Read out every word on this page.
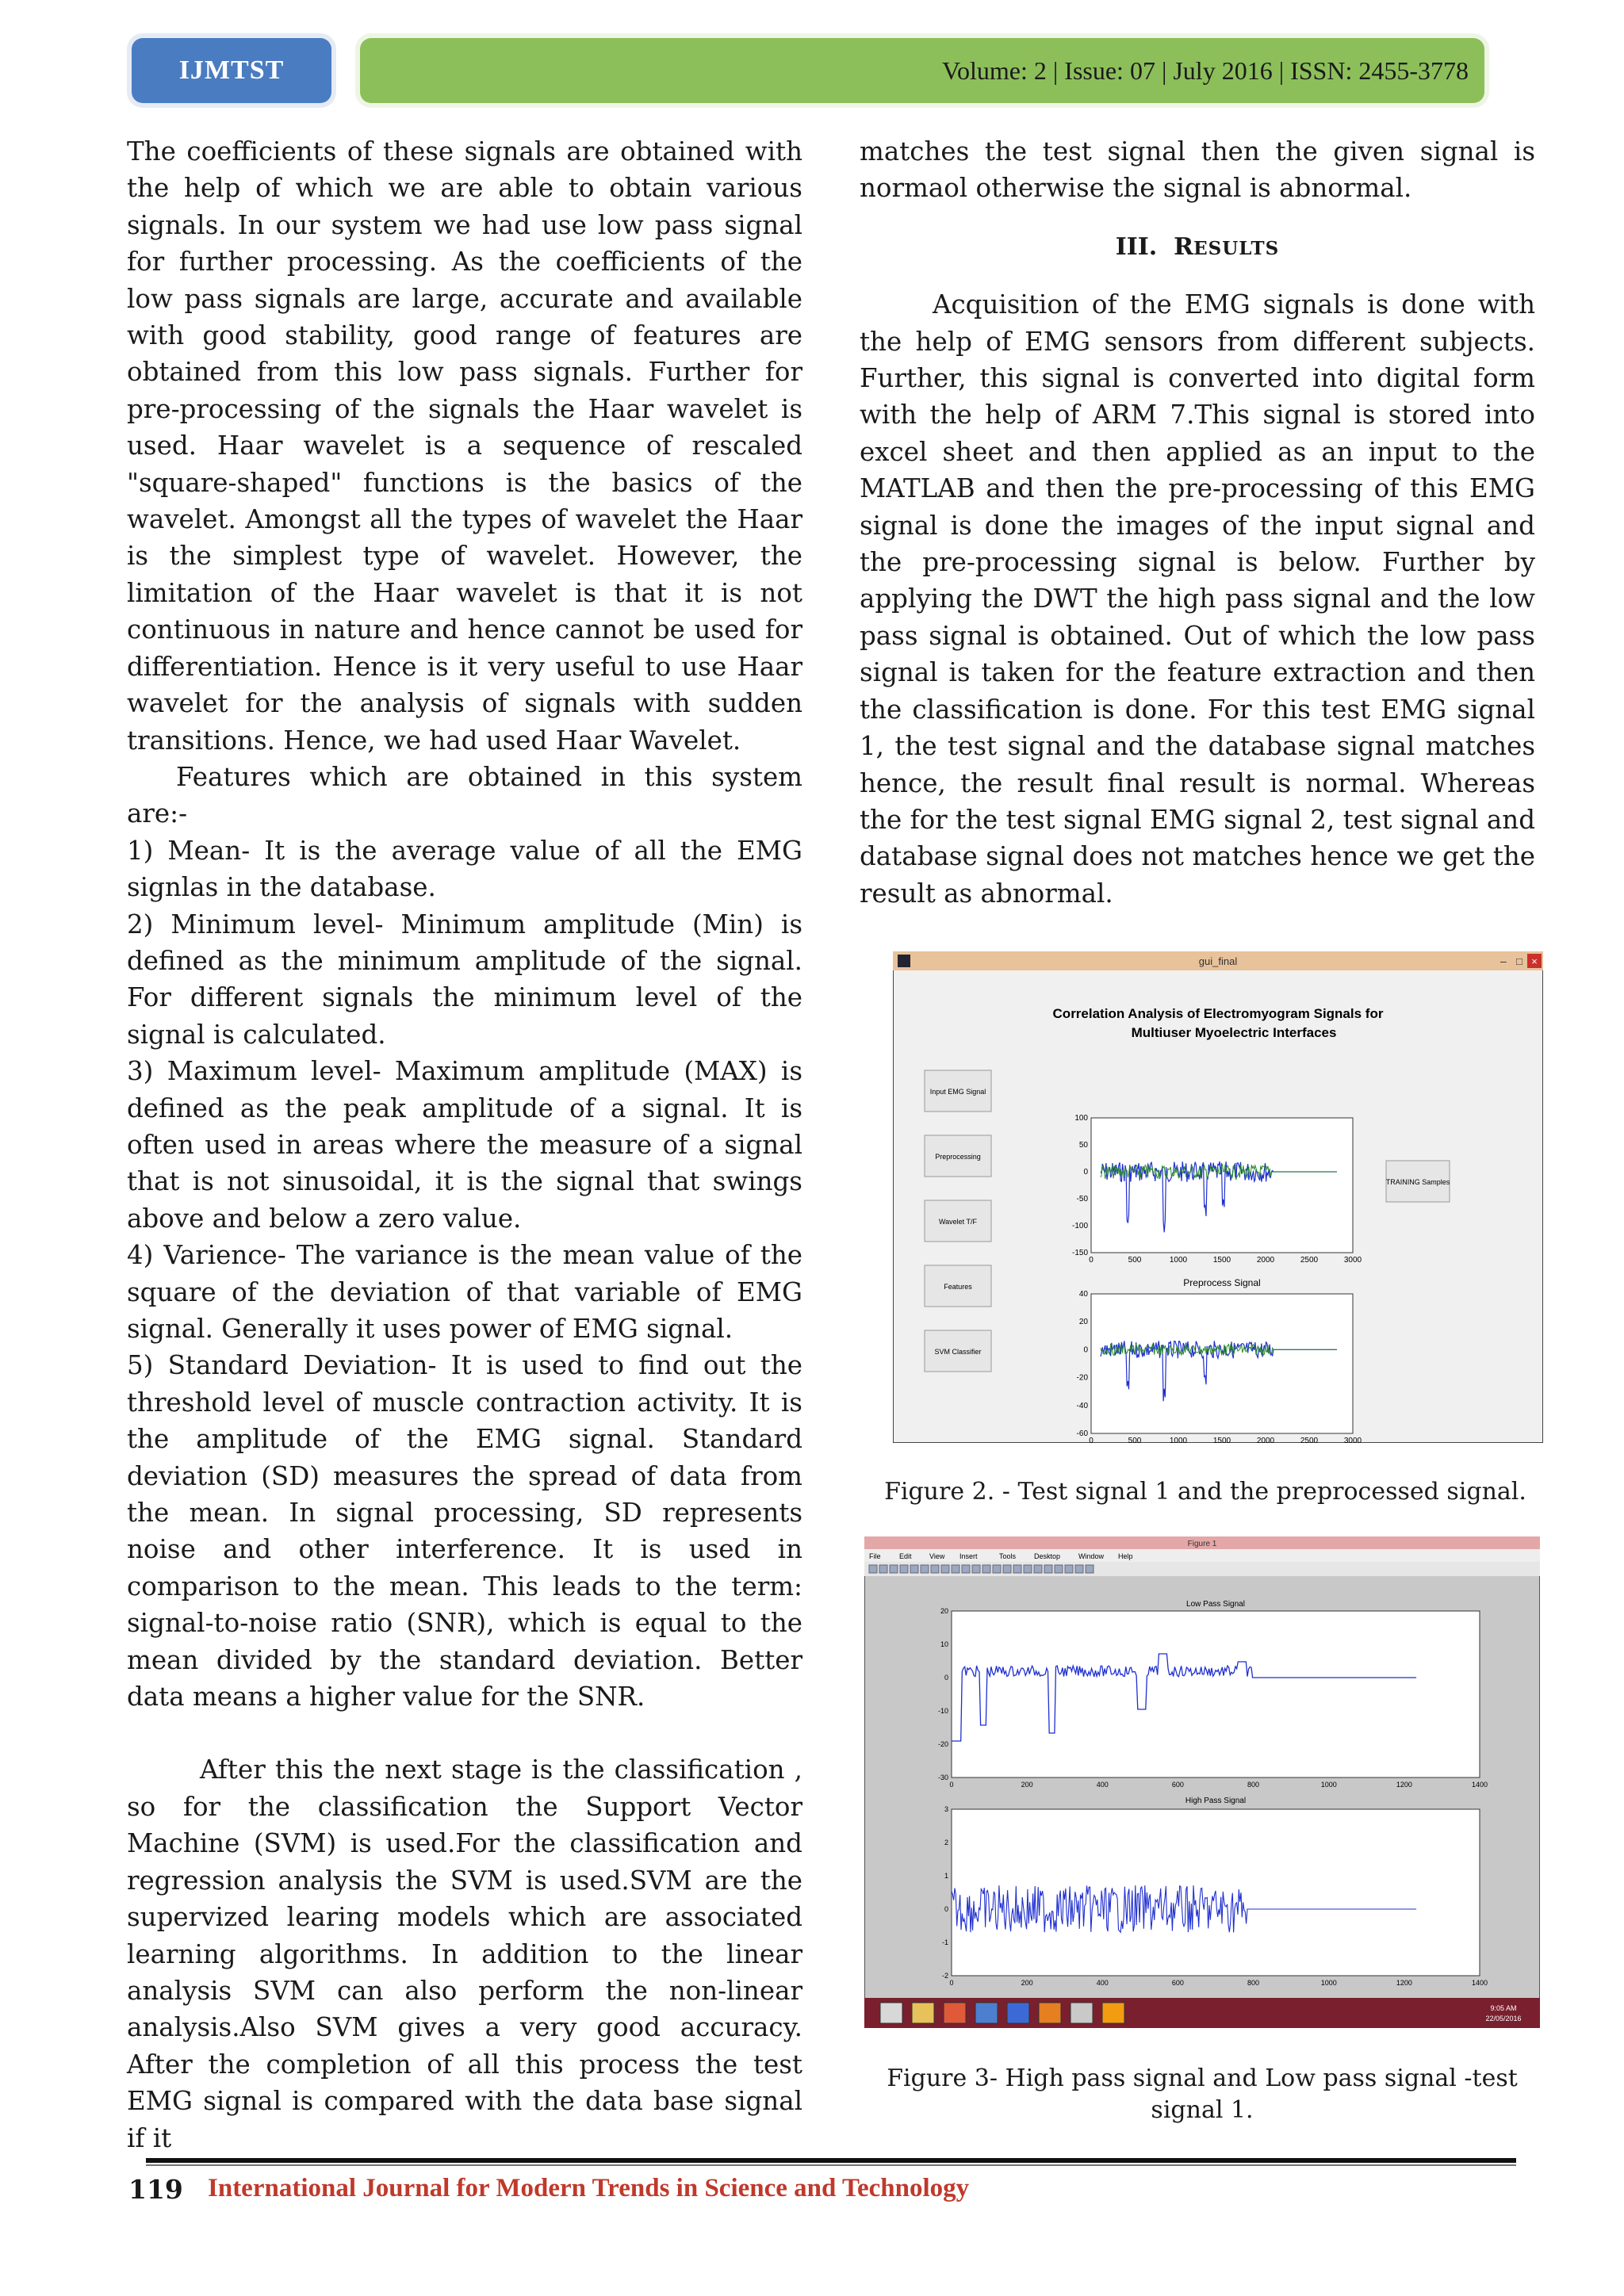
IJMTST	Volume: 2 | Issue: 07 | July 2016 | ISSN: 2455-3778

The coefficients of these signals are obtained with the help of which we are able to obtain various signals. In our system we had use low pass signal for further processing. As the coefficients of the low pass signals are large, accurate and available with good stability, good range of features are obtained from this low pass signals. Further for pre-processing of the signals the Haar wavelet is used. Haar wavelet is a sequence of rescaled "square-shaped" functions is the basics of the wavelet. Amongst all the types of wavelet the Haar is the simplest type of wavelet. However, the limitation of the Haar wavelet is that it is not continuous in nature and hence cannot be used for differentiation. Hence is it very useful to use Haar wavelet for the analysis of signals with sudden transitions. Hence, we had used Haar Wavelet.

Features which are obtained in this system are:-

1) Mean- It is the average value of all the EMG signlas in the database.

2) Minimum level- Minimum amplitude (Min) is defined as the minimum amplitude of the signal. For different signals the minimum level of the signal is calculated.

3) Maximum level- Maximum amplitude (MAX) is defined as the peak amplitude of a signal. It is often used in areas where the measure of a signal that is not sinusoidal, it is the signal that swings above and below a zero value.

4) Varience- The variance is the mean value of the square of the deviation of that variable of EMG signal. Generally it uses power of EMG signal.

5) Standard Deviation- It is used to find out the threshold level of muscle contraction activity. It is the amplitude of the EMG signal. Standard deviation (SD) measures the spread of data from the mean. In signal processing, SD represents noise and other interference. It is used in comparison to the mean. This leads to the term: signal-to-noise ratio (SNR), which is equal to the mean divided by the standard deviation. Better data means a higher value for the SNR.

After this the next stage is the classification , so for the classification the Support Vector Machine (SVM) is used.For the classification and regression analysis the SVM is used.SVM are the supervized learing models which are associated learning algorithms. In addition to the linear analysis SVM can also perform the non-linear analysis.Also SVM gives a very good accuracy. After the completion of all this process the test EMG signal is compared with the data base signal if it

matches the test signal then the given signal is normaol otherwise the signal is abnormal.

III. RESULTS

Acquisition of the EMG signals is done with the help of EMG sensors from different subjects. Further, this signal is converted into digital form with the help of ARM 7.This signal is stored into excel sheet and then applied as an input to the MATLAB and then the pre-processing of this EMG signal is done the images of the input signal and the pre-processing signal is below. Further by applying the DWT the high pass signal and the low pass signal is obtained. Out of which the low pass signal is taken for the feature extraction and then the classification is done. For this test EMG signal 1, the test signal and the database signal matches hence, the result final result is normal. Whereas the for the test signal EMG signal 2, test signal and database signal does not matches hence we get the result as abnormal.

gui_final	– □ ×
Correlation Analysis of Electromyogram Signals for
Multiuser Myoelectric Interfaces
Input EMG Signal
Preprocessing
Wavelet T/F
Features
SVM Classifier
TRAINING Samples
100
50
0
-50
-100
-150
0	500	1000	1500	2000	2500	3000
Preprocess Signal
40
20
0
-20
-40
-60
0	500	1000	1500	2000	2500	3000
Figure 2. - Test signal 1 and the preprocessed signal.
Figure 1
File	Edit View Insert	Tools	Desktop	Window Help
Low Pass Signal
20
10
0
-10
-20
-30
0	200	400	600	800	1000	1200	1400
High Pass Signal
3
2
1
0
-1
-2
0	200	400	600	800	1000	1200	1400
9:05 AM
22/05/2016
Figure 3- High pass signal and Low pass signal -test
signal 1.
119 International Journal for Modern Trends in Science and Technology
